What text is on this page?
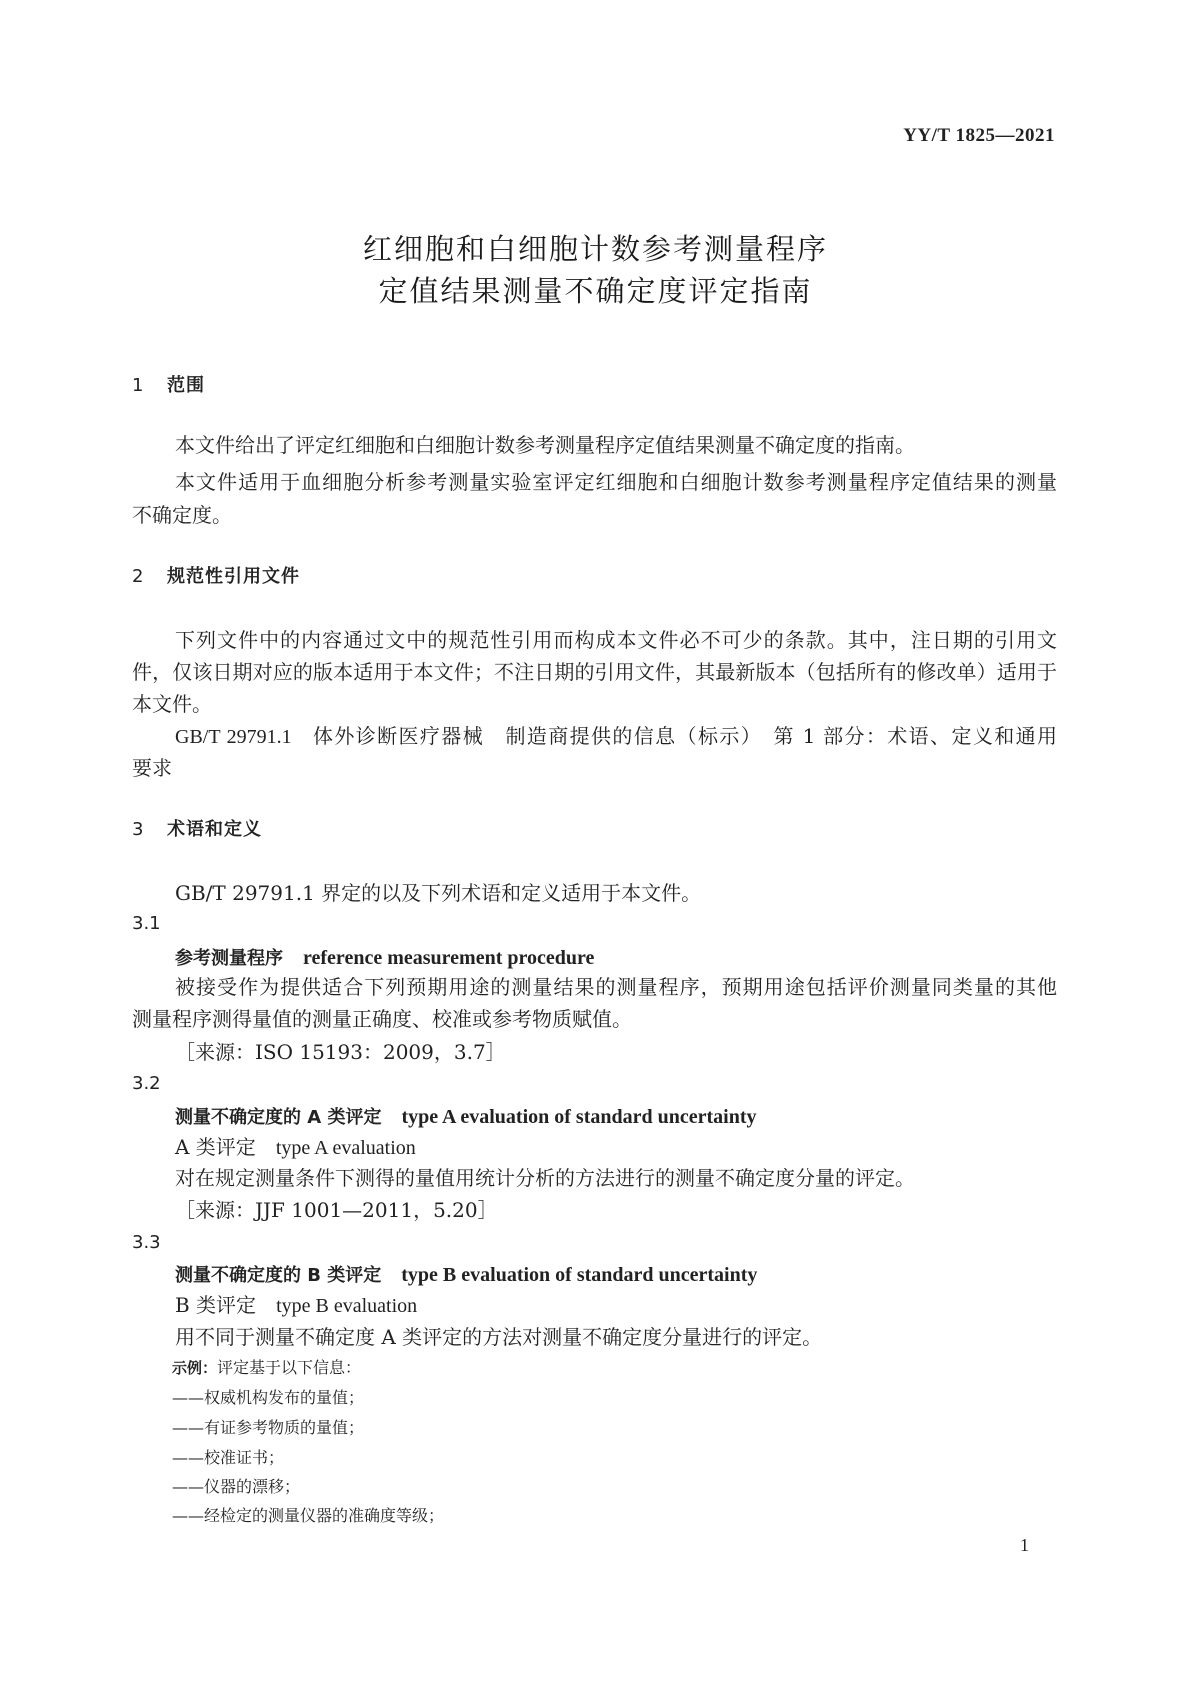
YY/T 1825—2021
红细胞和白细胞计数参考测量程序
定值结果测量不确定度评定指南
1 范围
本文件给出了评定红细胞和白细胞计数参考测量程序定值结果测量不确定度的指南。
本文件适用于血细胞分析参考测量实验室评定红细胞和白细胞计数参考测量程序定值结果的测量
不确定度。
2 规范性引用文件
下列文件中的内容通过文中的规范性引用而构成本文件必不可少的条款。其中，注日期的引用文
件，仅该日期对应的版本适用于本文件；不注日期的引用文件，其最新版本（包括所有的修改单）适用于
本文件。
GB/T 29791.1 体外诊断医疗器械　制造商提供的信息（标示）　第 1 部分：术语、定义和通用
要求
3 术语和定义
GB/T 29791.1 界定的以及下列术语和定义适用于本文件。
3.1
参考测量程序 reference measurement procedure
被接受作为提供适合下列预期用途的测量结果的测量程序，预期用途包括评价测量同类量的其他
测量程序测得量值的测量正确度、校准或参考物质赋值。
［来源：ISO 15193：2009，3.7］
3.2
测量不确定度的 A 类评定 type A evaluation of standard uncertainty
A 类评定 type A evaluation
对在规定测量条件下测得的量值用统计分析的方法进行的测量不确定度分量的评定。
［来源：JJF 1001—2011，5.20］
3.3
测量不确定度的 B 类评定 type B evaluation of standard uncertainty
B 类评定 type B evaluation
用不同于测量不确定度 A 类评定的方法对测量不确定度分量进行的评定。
示例：评定基于以下信息：
——权威机构发布的量值；
——有证参考物质的量值；
——校准证书；
——仪器的漂移；
——经检定的测量仪器的准确度等级；
1
